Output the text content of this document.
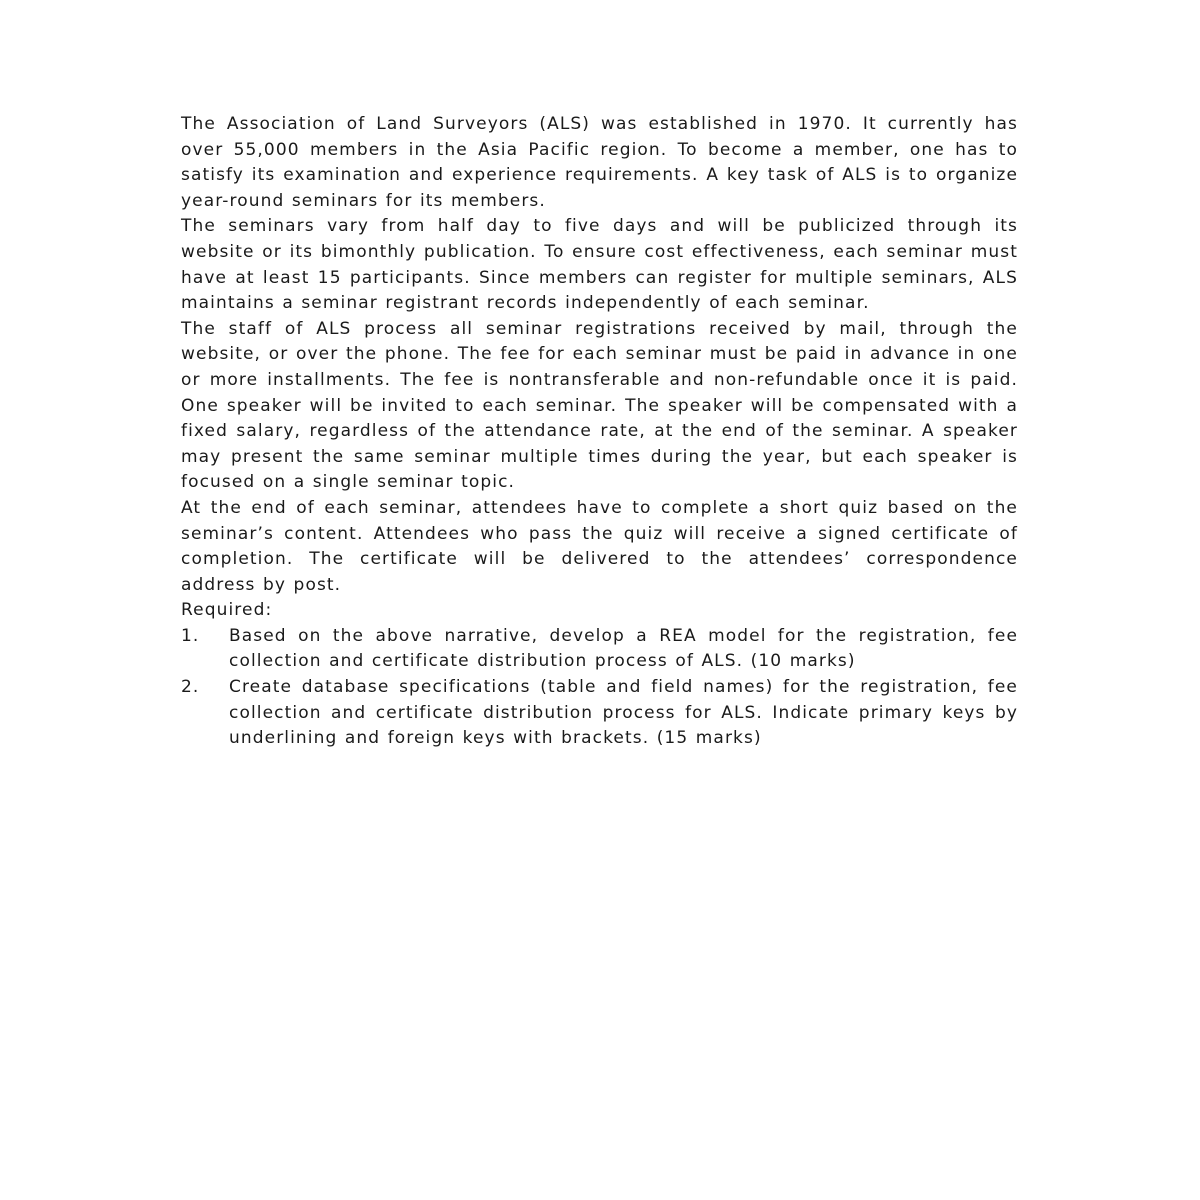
The Association of Land Surveyors (ALS) was established in 1970. It currently has over 55,000 members in the Asia Pacific region. To become a member, one has to satisfy its examination and experience requirements. A key task of ALS is to organize year-round seminars for its members.

The seminars vary from half day to five days and will be publicized through its website or its bimonthly publication. To ensure cost effectiveness, each seminar must have at least 15 participants. Since members can register for multiple seminars, ALS maintains a seminar registrant records independently of each seminar.

The staff of ALS process all seminar registrations received by mail, through the website, or over the phone. The fee for each seminar must be paid in advance in one or more installments. The fee is nontransferable and non-refundable once it is paid. One speaker will be invited to each seminar. The speaker will be compensated with a fixed salary, regardless of the attendance rate, at the end of the seminar. A speaker may present the same seminar multiple times during the year, but each speaker is focused on a single seminar topic.

At the end of each seminar, attendees have to complete a short quiz based on the seminar’s content. Attendees who pass the quiz will receive a signed certificate of completion. The certificate will be delivered to the attendees’ correspondence address by post.

Required:

1. Based on the above narrative, develop a REA model for the registration, fee collection and certificate distribution process of ALS. (10 marks)
2. Create database specifications (table and field names) for the registration, fee collection and certificate distribution process for ALS. Indicate primary keys by underlining and foreign keys with brackets. (15 marks)
